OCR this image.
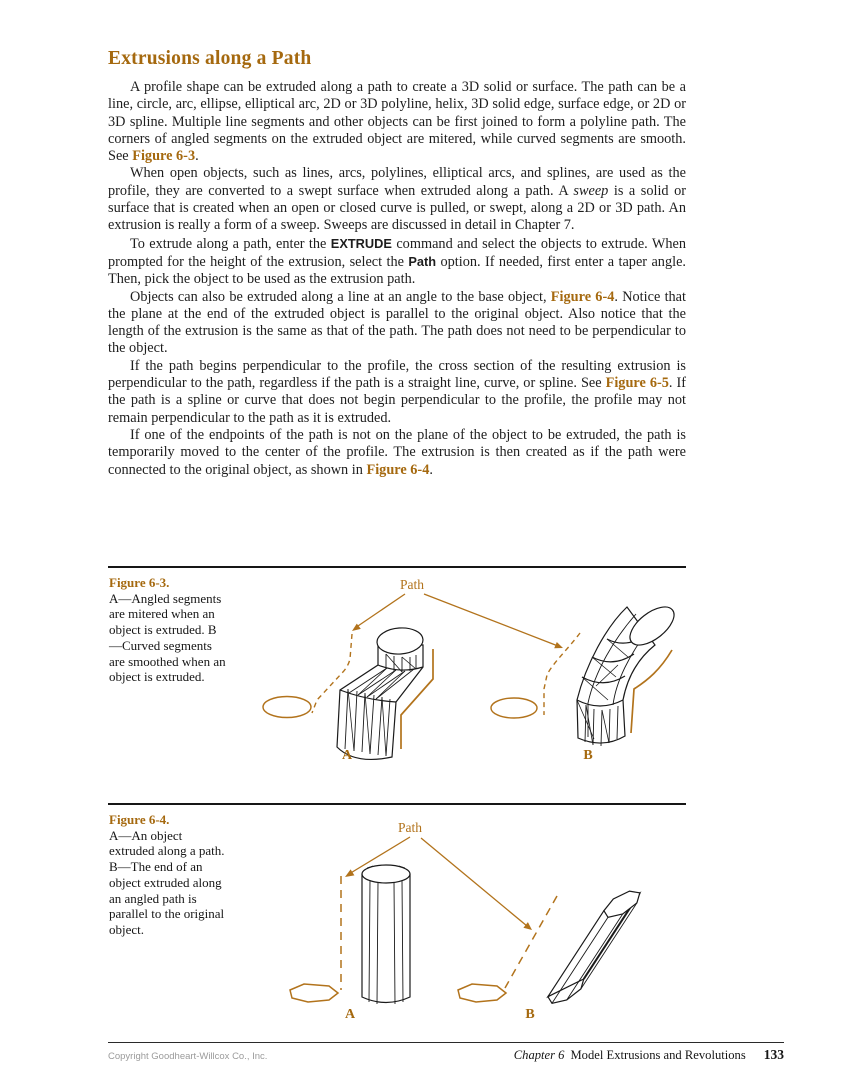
Extrusions along a Path

A profile shape can be extruded along a path to create a 3D solid or surface. The path can be a line, circle, arc, ellipse, elliptical arc, 2D or 3D polyline, helix, 3D solid edge, surface edge, or 2D or 3D spline. Multiple line segments and other objects can be first joined to form a polyline path. The corners of angled segments on the extruded object are mitered, while curved segments are smooth. See Figure 6-3.

When open objects, such as lines, arcs, polylines, elliptical arcs, and splines, are used as the profile, they are converted to a swept surface when extruded along a path. A sweep is a solid or surface that is created when an open or closed curve is pulled, or swept, along a 2D or 3D path. An extrusion is really a form of a sweep. Sweeps are discussed in detail in Chapter 7.

To extrude along a path, enter the EXTRUDE command and select the objects to extrude. When prompted for the height of the extrusion, select the Path option. If needed, first enter a taper angle. Then, pick the object to be used as the extrusion path.

Objects can also be extruded along a line at an angle to the base object, Figure 6-4. Notice that the plane at the end of the extruded object is parallel to the original object. Also notice that the length of the extrusion is the same as that of the path. The path does not need to be perpendicular to the object.

If the path begins perpendicular to the profile, the cross section of the resulting extrusion is perpendicular to the path, regardless if the path is a straight line, curve, or spline. See Figure 6-5. If the path is a spline or curve that does not begin perpendicular to the profile, the profile may not remain perpendicular to the path as it is extruded.

If one of the endpoints of the path is not on the plane of the object to be extruded, the path is temporarily moved to the center of the profile. The extrusion is then created as if the path were connected to the original object, as shown in Figure 6-4.

Figure 6-3.
A—Angled segments are mitered when an object is extruded. B—Curved segments are smoothed when an object is extruded.
Path
A	B
Figure 6-4.
A—An object extruded along a path. B—The end of an object extruded along an angled path is parallel to the original object.
Path
A	B
Copyright Goodheart-Willcox Co., Inc.	Chapter 6 Model Extrusions and Revolutions 133
